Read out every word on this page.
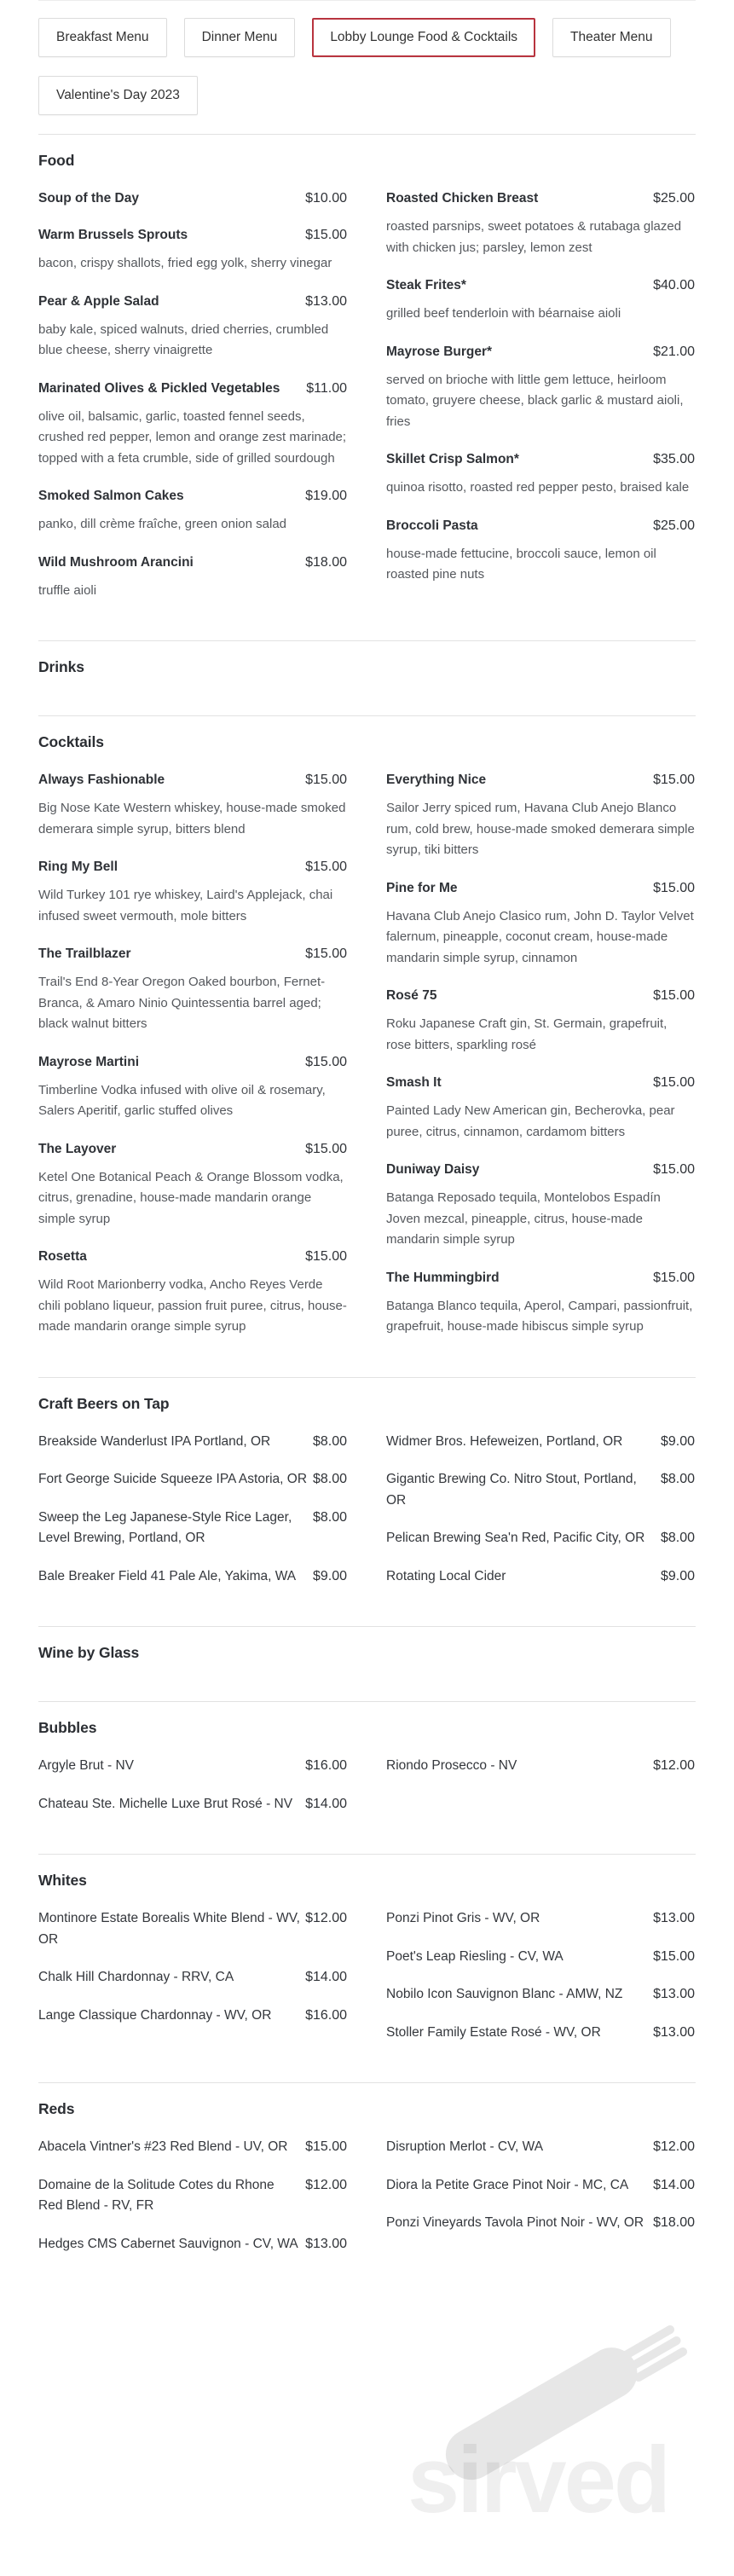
Breakfast Menu	Dinner Menu	Lobby Lounge Food & Cocktails	Theater Menu
Valentine's Day 2023
Food
Soup of the Day	$10.00
Warm Brussels Sprouts	$15.00
bacon, crispy shallots, fried egg yolk, sherry vinegar
Pear & Apple Salad	$13.00
baby kale, spiced walnuts, dried cherries, crumbled blue cheese, sherry vinaigrette
Marinated Olives & Pickled Vegetables	$11.00
olive oil, balsamic, garlic, toasted fennel seeds, crushed red pepper, lemon and orange zest marinade; topped with a feta crumble, side of grilled sourdough
Smoked Salmon Cakes	$19.00
panko, dill crème fraîche, green onion salad
Wild Mushroom Arancini	$18.00
truffle aioli
Roasted Chicken Breast	$25.00
roasted parsnips, sweet potatoes & rutabaga glazed with chicken jus; parsley, lemon zest
Steak Frites*	$40.00
grilled beef tenderloin with béarnaise aioli
Mayrose Burger*	$21.00
served on brioche with little gem lettuce, heirloom tomato, gruyere cheese, black garlic & mustard aioli, fries
Skillet Crisp Salmon*	$35.00
quinoa risotto, roasted red pepper pesto, braised kale
Broccoli Pasta	$25.00
house-made fettucine, broccoli sauce, lemon oil roasted pine nuts
Drinks
Cocktails
Always Fashionable	$15.00
Big Nose Kate Western whiskey, house-made smoked demerara simple syrup, bitters blend
Ring My Bell	$15.00
Wild Turkey 101 rye whiskey, Laird's Applejack, chai infused sweet vermouth, mole bitters
The Trailblazer	$15.00
Trail's End 8-Year Oregon Oaked bourbon, Fernet-Branca, & Amaro Ninio Quintessentia barrel aged; black walnut bitters
Mayrose Martini	$15.00
Timberline Vodka infused with olive oil & rosemary, Salers Aperitif, garlic stuffed olives
The Layover	$15.00
Ketel One Botanical Peach & Orange Blossom vodka, citrus, grenadine, house-made mandarin orange simple syrup
Rosetta	$15.00
Wild Root Marionberry vodka, Ancho Reyes Verde chili poblano liqueur, passion fruit puree, citrus, house-made mandarin orange simple syrup
Everything Nice	$15.00
Sailor Jerry spiced rum, Havana Club Anejo Blanco rum, cold brew, house-made smoked demerara simple syrup, tiki bitters
Pine for Me	$15.00
Havana Club Anejo Clasico rum, John D. Taylor Velvet falernum, pineapple, coconut cream, house-made mandarin simple syrup, cinnamon
Rosé 75	$15.00
Roku Japanese Craft gin, St. Germain, grapefruit, rose bitters, sparkling rosé
Smash It	$15.00
Painted Lady New American gin, Becherovka, pear puree, citrus, cinnamon, cardamom bitters
Duniway Daisy	$15.00
Batanga Reposado tequila, Montelobos Espadín Joven mezcal, pineapple, citrus, house-made mandarin simple syrup
The Hummingbird	$15.00
Batanga Blanco tequila, Aperol, Campari, passionfruit, grapefruit, house-made hibiscus simple syrup
Craft Beers on Tap
Breakside Wanderlust IPA Portland, OR	$8.00
Fort George Suicide Squeeze IPA Astoria, OR $8.00
Sweep the Leg Japanese-Style Rice Lager, Level Brewing, Portland, OR
$8.00
Bale Breaker Field 41 Pale Ale, Yakima, WA	$9.00
Widmer Bros. Hefeweizen, Portland, OR	$9.00
Gigantic Brewing Co. Nitro Stout, Portland, OR
$8.00
Pelican Brewing Sea'n Red, Pacific City, OR	$8.00
Rotating Local Cider	$9.00
Wine by Glass
Bubbles
Argyle Brut - NV	$16.00
Chateau Ste. Michelle Luxe Brut Rosé - NV $14.00
Riondo Prosecco - NV	$12.00
Whites
Montinore Estate Borealis White Blend - WV, OR
$12.00
Chalk Hill Chardonnay - RRV, CA	$14.00
Lange Classique Chardonnay - WV, OR	$16.00
Ponzi Pinot Gris - WV, OR	$13.00
Poet's Leap Riesling - CV, WA	$15.00
Nobilo Icon Sauvignon Blanc - AMW, NZ	$13.00
Stoller Family Estate Rosé - WV, OR	$13.00
Reds
Abacela Vintner's #23 Red Blend - UV, OR	$15.00
Domaine de la Solitude Cotes du Rhone Red Blend - RV, FR
$12.00
Hedges CMS Cabernet Sauvignon - CV, WA $13.00
Disruption Merlot - CV, WA	$12.00
Diora la Petite Grace Pinot Noir - MC, CA	$14.00
Ponzi Vineyards Tavola Pinot Noir - WV, OR $18.00
sirved
